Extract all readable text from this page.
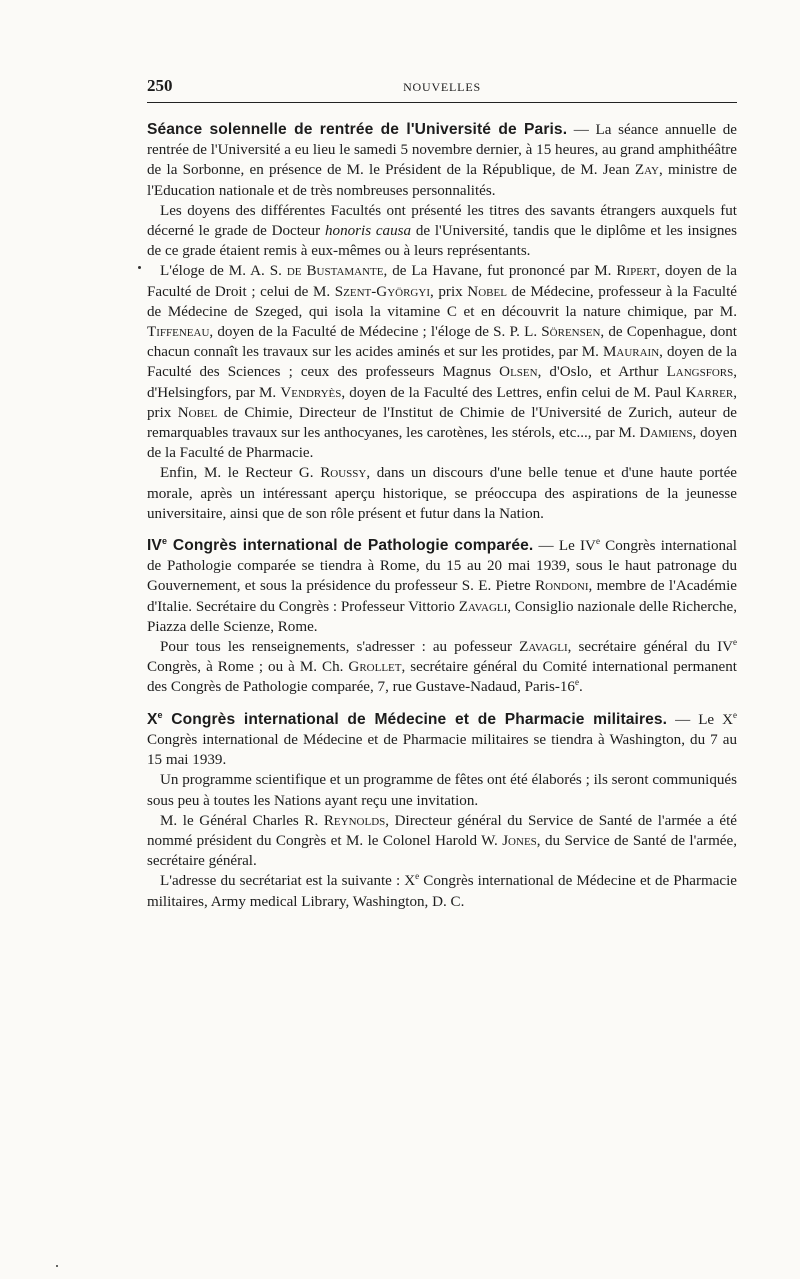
250	NOUVELLES

Séance solennelle de rentrée de l'Université de Paris. — La séance annuelle de rentrée de l'Université a eu lieu le samedi 5 novembre dernier, à 15 heures, au grand amphithéâtre de la Sorbonne, en présence de M. le Président de la République, de M. Jean Zay, ministre de l'Education nationale et de très nombreuses personnalités.

Les doyens des différentes Facultés ont présenté les titres des savants étrangers auxquels fut décerné le grade de Docteur honoris causa de l'Université, tandis que le diplôme et les insignes de ce grade étaient remis à eux-mêmes ou à leurs représentants.

L'éloge de M. A. S. de Bustamante, de La Havane, fut prononcé par M. Ripert, doyen de la Faculté de Droit ; celui de M. Szent-Györgyi, prix Nobel de Médecine, professeur à la Faculté de Médecine de Szeged, qui isola la vitamine C et en découvrit la nature chimique, par M. Tiffeneau, doyen de la Faculté de Médecine ; l'éloge de S. P. L. Sörensen, de Copenhague, dont chacun connaît les travaux sur les acides aminés et sur les protides, par M. Maurain, doyen de la Faculté des Sciences ; ceux des professeurs Magnus Olsen, d'Oslo, et Arthur Langsfors, d'Helsingfors, par M. Vendryès, doyen de la Faculté des Lettres, enfin celui de M. Paul Karrer, prix Nobel de Chimie, Directeur de l'Institut de Chimie de l'Université de Zurich, auteur de remarquables travaux sur les anthocyanes, les carotènes, les stérols, etc..., par M. Damiens, doyen de la Faculté de Pharmacie.

Enfin, M. le Recteur G. Roussy, dans un discours d'une belle tenue et d'une haute portée morale, après un intéressant aperçu historique, se préoccupa des aspirations de la jeunesse universitaire, ainsi que de son rôle présent et futur dans la Nation.

IVe Congrès international de Pathologie comparée. — Le IVe Congrès international de Pathologie comparée se tiendra à Rome, du 15 au 20 mai 1939, sous le haut patronage du Gouvernement, et sous la présidence du professeur S. E. Pietre Rondoni, membre de l'Académie d'Italie. Secrétaire du Congrès : Professeur Vittorio Zavagli, Consiglio nazionale delle Richerche, Piazza delle Scienze, Rome.

Pour tous les renseignements, s'adresser : au pofesseur Zavagli, secrétaire général du IVe Congrès, à Rome ; ou à M. Ch. Grollet, secrétaire général du Comité international permanent des Congrès de Pathologie comparée, 7, rue Gustave-Nadaud, Paris-16e.

Xe Congrès international de Médecine et de Pharmacie militaires. — Le Xe Congrès international de Médecine et de Pharmacie militaires se tiendra à Washington, du 7 au 15 mai 1939.

Un programme scientifique et un programme de fêtes ont été élaborés ; ils seront communiqués sous peu à toutes les Nations ayant reçu une invitation.

M. le Général Charles R. Reynolds, Directeur général du Service de Santé de l'armée a été nommé président du Congrès et M. le Colonel Harold W. Jones, du Service de Santé de l'armée, secrétaire général.

L'adresse du secrétariat est la suivante : Xe Congrès international de Médecine et de Pharmacie militaires, Army medical Library, Washington, D. C.
